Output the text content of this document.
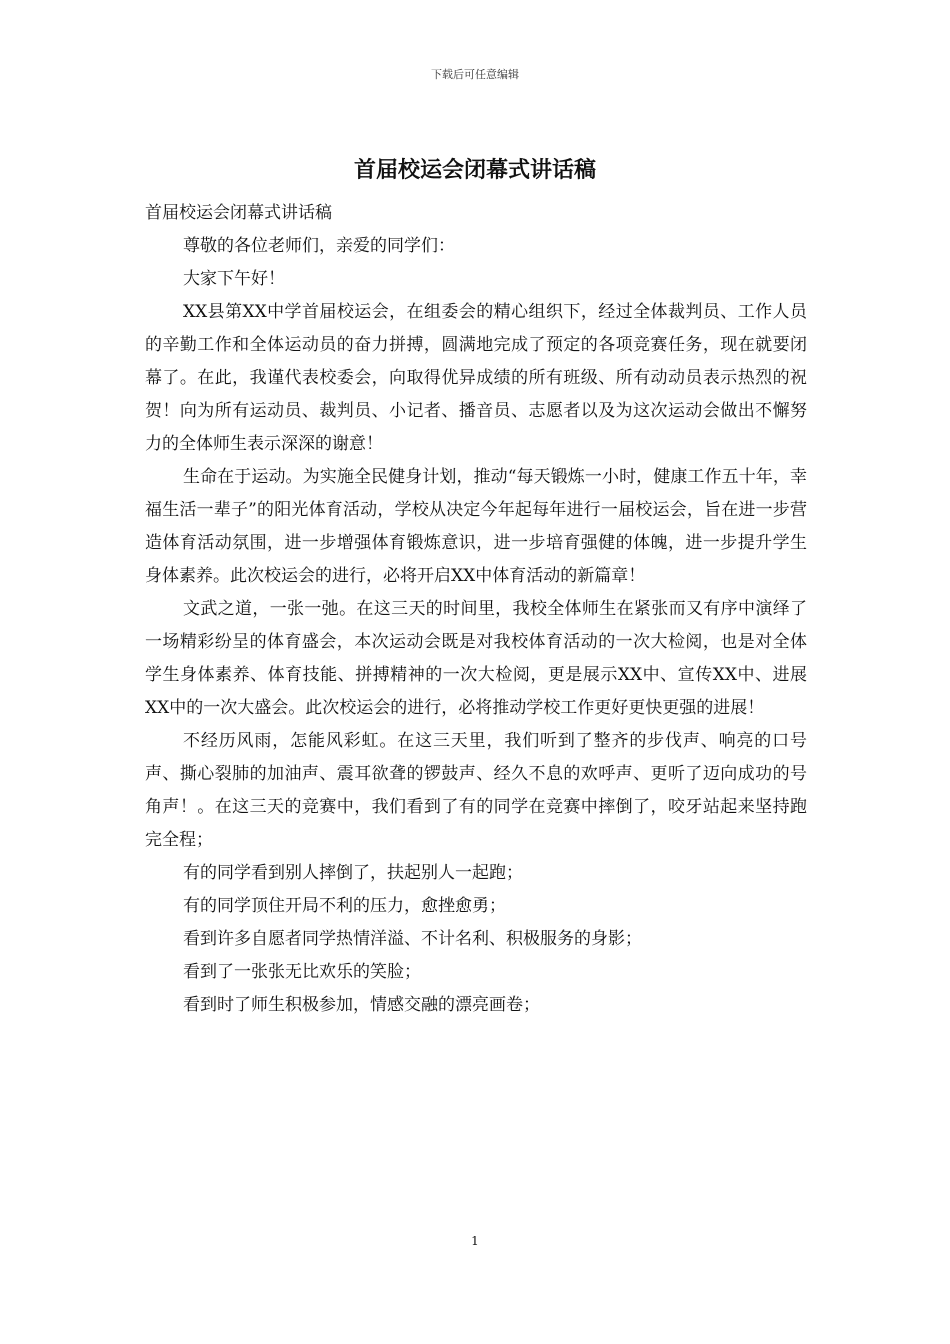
下载后可任意编辑
首届校运会闭幕式讲话稿

首届校运会闭幕式讲话稿

尊敬的各位老师们，亲爱的同学们：

大家下午好！

XX县第XX中学首届校运会，在组委会的精心组织下，经过全体裁判员、工作人员的辛勤工作和全体运动员的奋力拼搏，圆满地完成了预定的各项竞赛任务，现在就要闭幕了。在此，我谨代表校委会，向取得优异成绩的所有班级、所有动动员表示热烈的祝贺！向为所有运动员、裁判员、小记者、播音员、志愿者以及为这次运动会做出不懈努力的全体师生表示深深的谢意！

生命在于运动。为实施全民健身计划，推动“每天锻炼一小时，健康工作五十年，幸福生活一辈子”的阳光体育活动，学校从决定今年起每年进行一届校运会，旨在进一步营造体育活动氛围，进一步增强体育锻炼意识，进一步培育强健的体魄，进一步提升学生身体素养。此次校运会的进行，必将开启XX中体育活动的新篇章！

文武之道，一张一弛。在这三天的时间里，我校全体师生在紧张而又有序中演绎了一场精彩纷呈的体育盛会，本次运动会既是对我校体育活动的一次大检阅，也是对全体学生身体素养、体育技能、拼搏精神的一次大检阅，更是展示XX中、宣传XX中、进展XX中的一次大盛会。此次校运会的进行，必将推动学校工作更好更快更强的进展！

不经历风雨，怎能风彩虹。在这三天里，我们听到了整齐的步伐声、响亮的口号声、撕心裂肺的加油声、震耳欲聋的锣鼓声、经久不息的欢呼声、更听了迈向成功的号角声！。在这三天的竞赛中，我们看到了有的同学在竞赛中摔倒了，咬牙站起来坚持跑完全程；

有的同学看到别人摔倒了，扶起别人一起跑；

有的同学顶住开局不利的压力，愈挫愈勇；

看到许多自愿者同学热情洋溢、不计名利、积极服务的身影；

看到了一张张无比欢乐的笑脸；

看到时了师生积极参加，情感交融的漂亮画卷；

1
